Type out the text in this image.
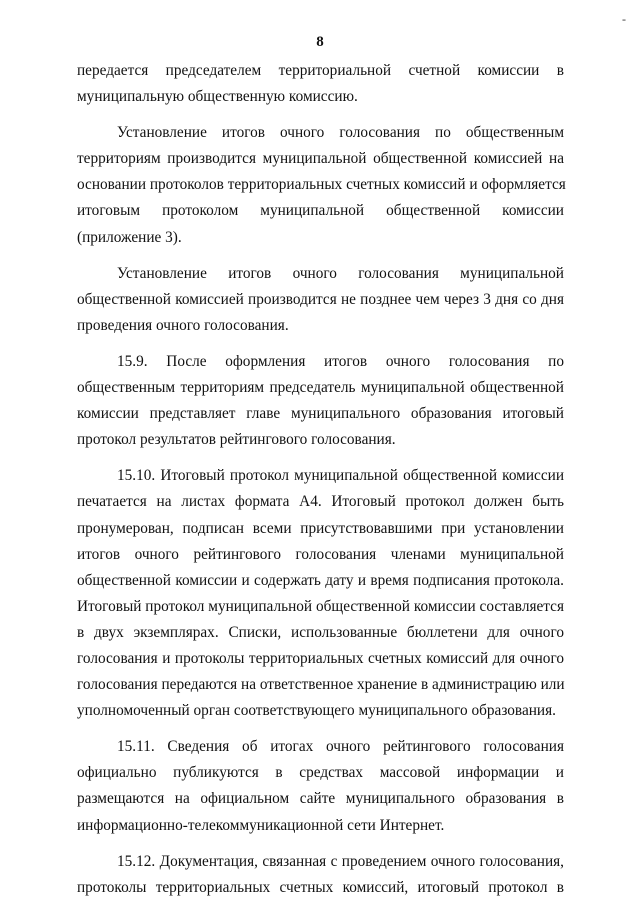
-
8
передается председателем территориальной счетной комиссии в
муниципальную общественную комиссию.
Установление итогов очного голосования по общественным
территориям производится муниципальной общественной комиссией на
основании протоколов территориальных счетных комиссий и оформляется
итоговым протоколом муниципальной общественной комиссии
(приложение 3).
Установление итогов очного голосования муниципальной
общественной комиссией производится не позднее чем через 3 дня со дня
проведения очного голосования.
15.9. После оформления итогов очного голосования по
общественным территориям председатель муниципальной общественной
комиссии представляет главе муниципального образования итоговый
протокол результатов рейтингового голосования.
15.10. Итоговый протокол муниципальной общественной комиссии
печатается на листах формата А4. Итоговый протокол должен быть
пронумерован, подписан всеми присутствовавшими при установлении
итогов очного рейтингового голосования членами муниципальной
общественной комиссии и содержать дату и время подписания протокола.
Итоговый протокол муниципальной общественной комиссии составляется
в двух экземплярах. Списки, использованные бюллетени для очного
голосования и протоколы территориальных счетных комиссий для очного
голосования передаются на ответственное хранение в администрацию или
уполномоченный орган соответствующего муниципального образования.
15.11. Сведения об итогах очного рейтингового голосования
официально публикуются в средствах массовой информации и
размещаются на официальном сайте муниципального образования в
информационно-телекоммуникационной сети Интернет.
15.12. Документация, связанная с проведением очного голосования,
протоколы территориальных счетных комиссий, итоговый протокол в
